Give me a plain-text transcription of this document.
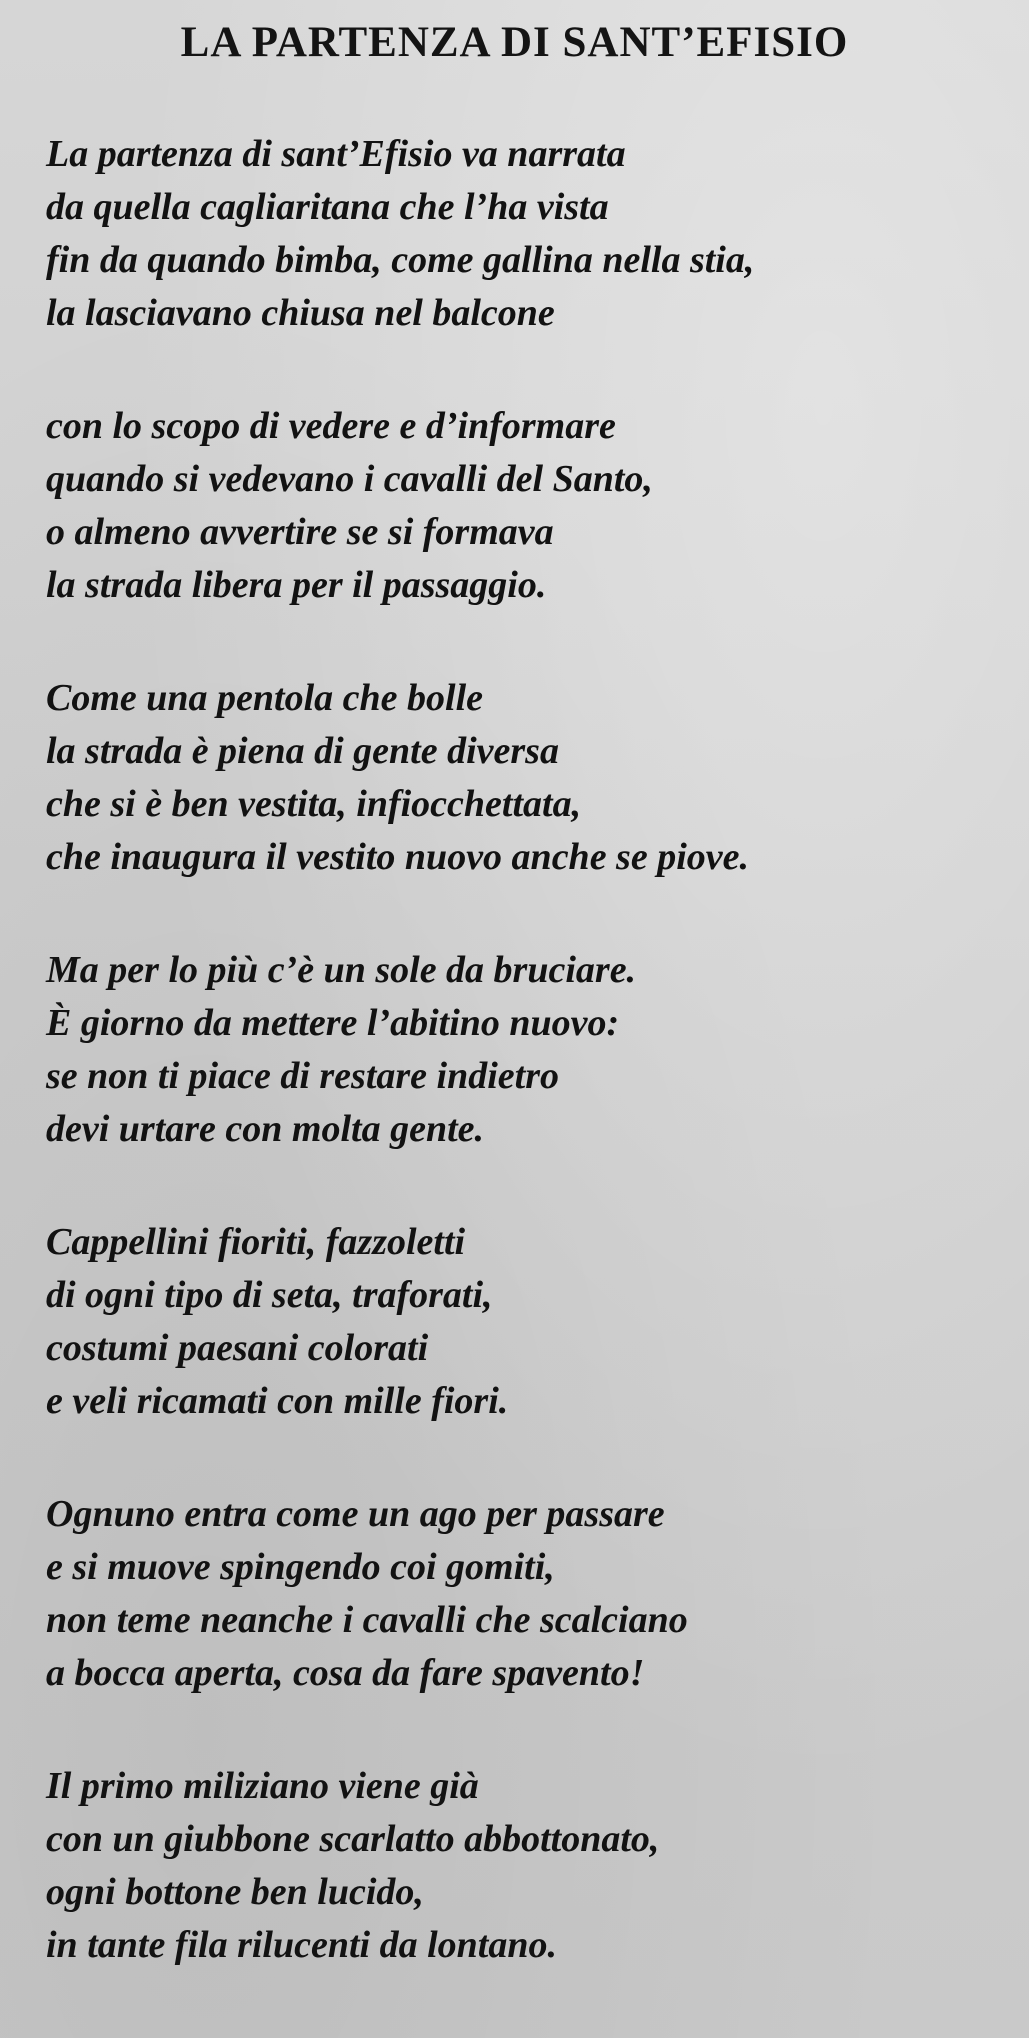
LA PARTENZA DI SANT’EFISIO
La partenza di sant’Efisio va narrata
da quella cagliaritana che l’ha vista
fin da quando bimba, come gallina nella stia,
la lasciavano chiusa nel balcone
con lo scopo di vedere e d’informare
quando si vedevano i cavalli del Santo,
o almeno avvertire se si formava
la strada libera per il passaggio.
Come una pentola che bolle
la strada è piena di gente diversa
che si è ben vestita, infiocchettata,
che inaugura il vestito nuovo anche se piove.
Ma per lo più c’è un sole da bruciare.
È giorno da mettere l’abitino nuovo:
se non ti piace di restare indietro
devi urtare con molta gente.
Cappellini fioriti, fazzoletti
di ogni tipo di seta, traforati,
costumi paesani colorati
e veli ricamati con mille fiori.
Ognuno entra come un ago per passare
e si muove spingendo coi gomiti,
non teme neanche i cavalli che scalciano
a bocca aperta, cosa da fare spavento!
Il primo miliziano viene già
con un giubbone scarlatto abbottonato,
ogni bottone ben lucido,
in tante fila rilucenti da lontano.
